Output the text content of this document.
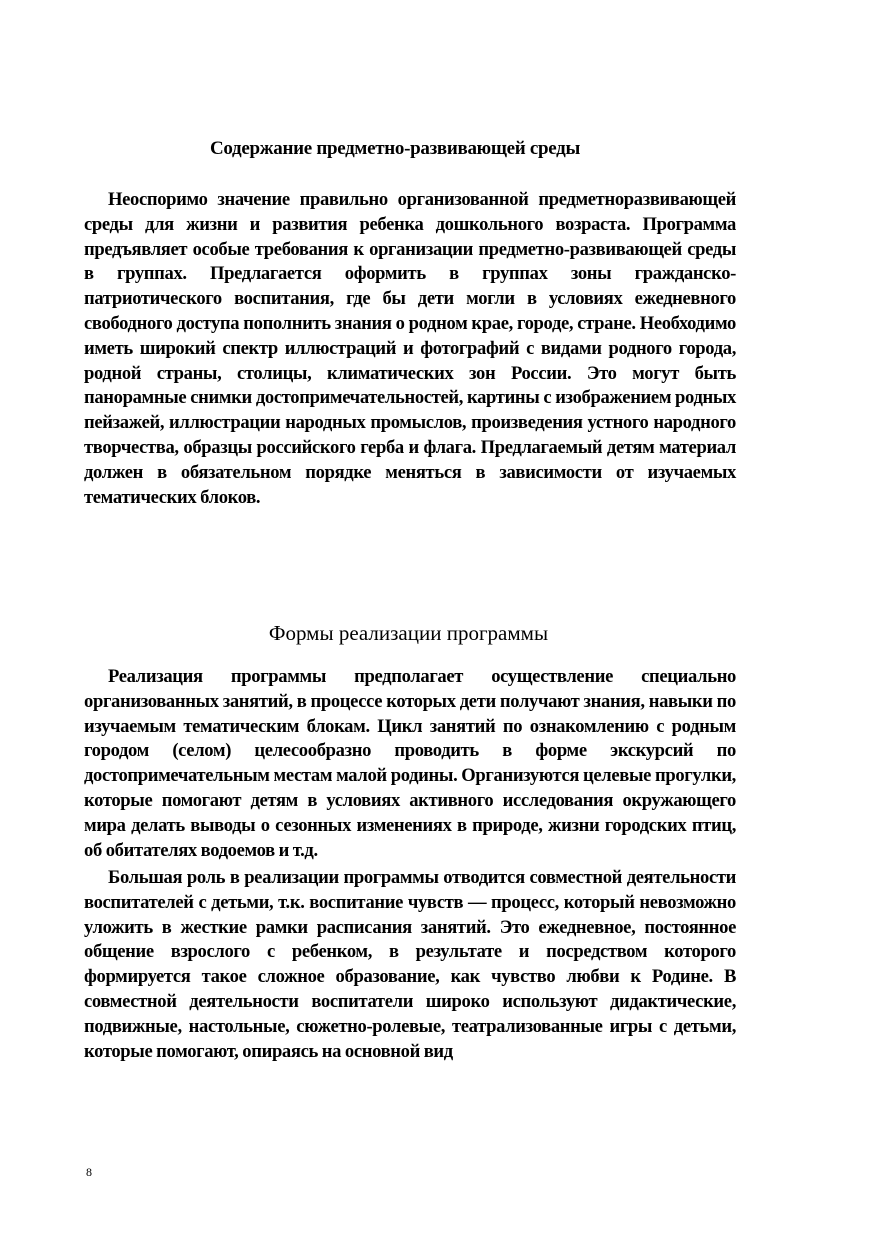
Содержание предметно-развивающей среды

Неоспоримо значение правильно организованной предметноразвивающей среды для жизни и развития ребенка дошкольного возраста. Программа предъявляет особые требования к организации предметно-развивающей среды в группах. Предлагается оформить в группах зоны гражданско-патриотического воспитания, где бы дети могли в условиях ежедневного свободного доступа пополнить знания о родном крае, городе, стране. Необходимо иметь широкий спектр иллюстраций и фотографий с видами родного города, родной страны, столицы, климатических зон России. Это могут быть панорамные снимки достопримечательностей, картины с изображением родных пейзажей, иллюстрации народных промыслов, произведения устного народного творчества, образцы российского герба и флага. Предлагаемый детям материал должен в обязательном порядке меняться в зависимости от изучаемых тематических блоков.

Формы реализации программы

Реализация программы предполагает осуществление специально организованных занятий, в процессе которых дети получают знания, навыки по изучаемым тематическим блокам. Цикл занятий по ознакомлению с родным городом (селом) целесообразно проводить в форме экскурсий по достопримечательным местам малой родины. Организуются целевые прогулки, которые помогают детям в условиях активного исследования окружающего мира делать выводы о сезонных изменениях в природе, жизни городских птиц, об обитателях водоемов и т.д.

Большая роль в реализации программы отводится совместной деятельности воспитателей с детьми, т.к. воспитание чувств — процесс, который невозможно уложить в жесткие рамки расписания занятий. Это ежедневное, постоянное общение взрослого с ребенком, в результате и посредством которого формируется такое сложное образование, как чувство любви к Родине. В совместной деятельности воспитатели широко используют дидактические, подвижные, настольные, сюжетно-ролевые, театрализованные игры с детьми, которые помогают, опираясь на основной вид

8
